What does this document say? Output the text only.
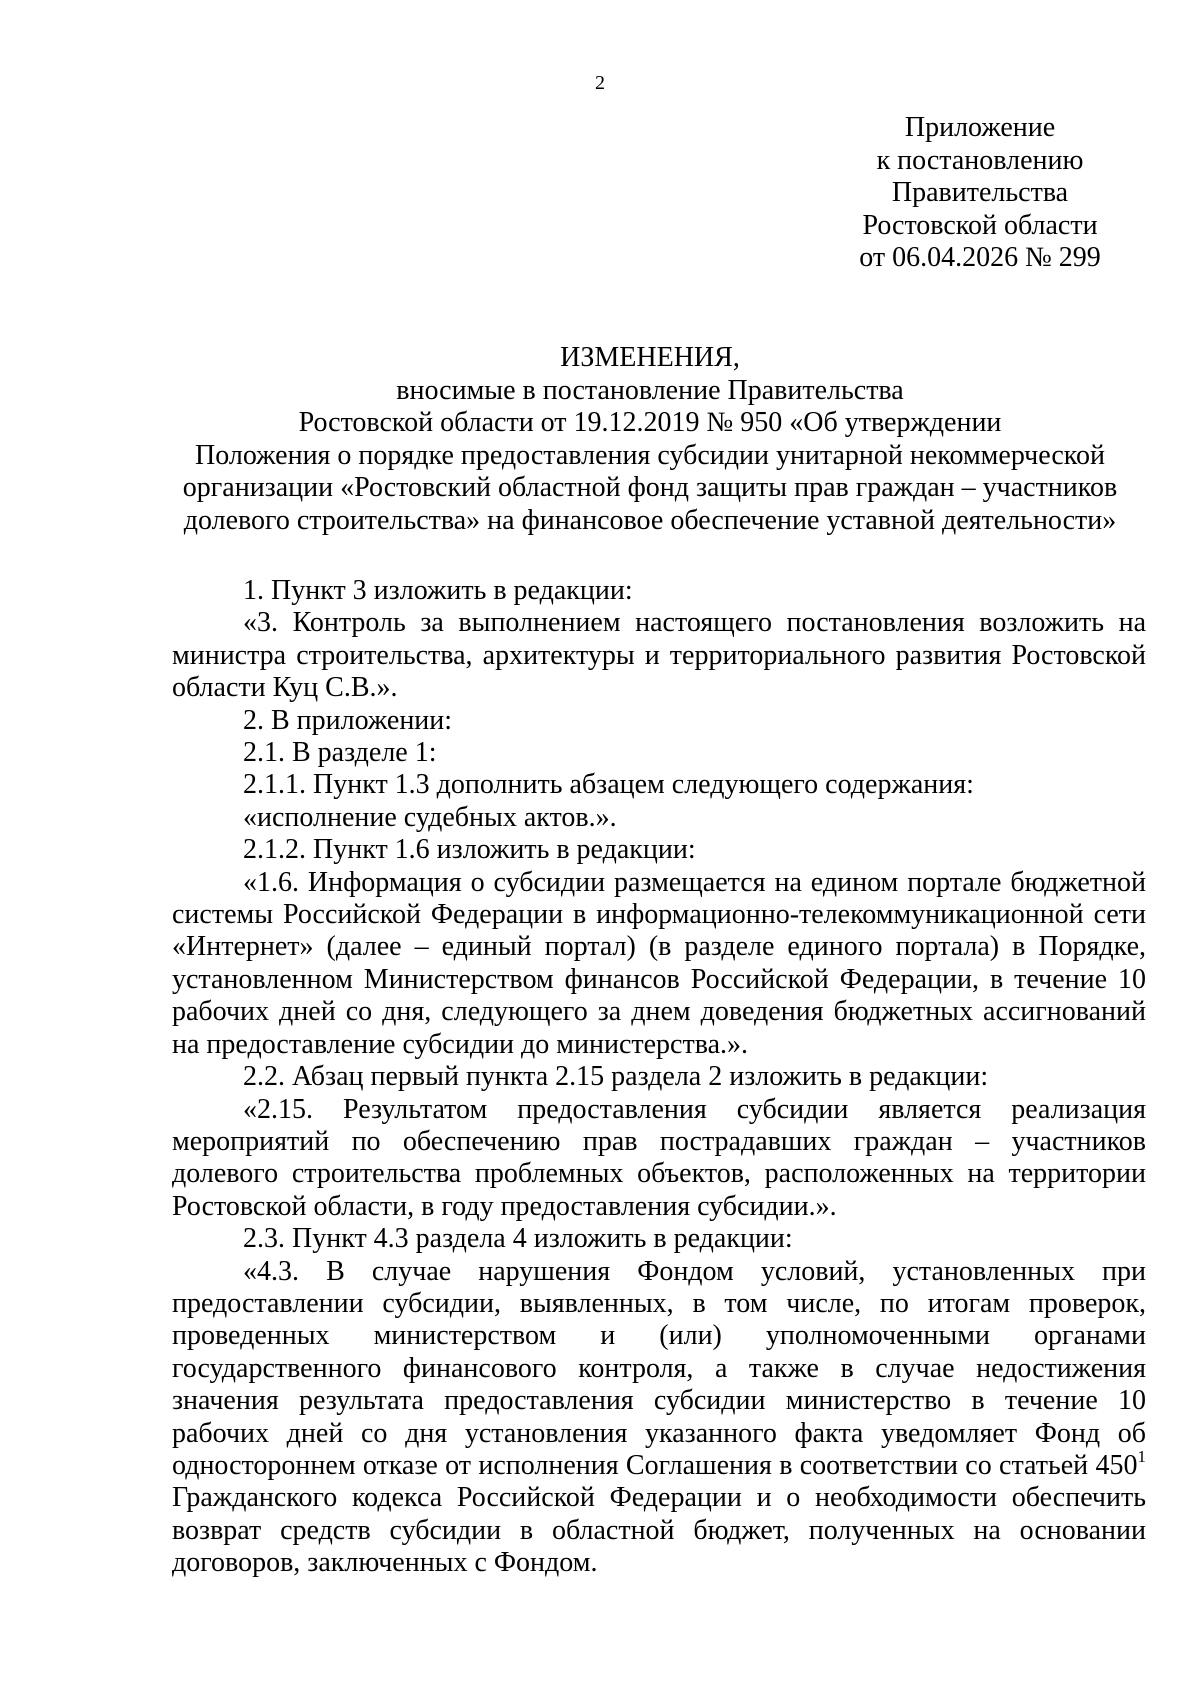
2
Приложение
к постановлению
Правительства
Ростовской области
от 06.04.2026 № 299
ИЗМЕНЕНИЯ,
вносимые в постановление Правительства
Ростовской области от 19.12.2019 № 950 «Об утверждении
Положения о порядке предоставления субсидии унитарной некоммерческой
организации «Ростовский областной фонд защиты прав граждан – участников
долевого строительства» на финансовое обеспечение уставной деятельности»

1. Пункт 3 изложить в редакции:

«3. Контроль за выполнением настоящего постановления возложить на министра строительства, архитектуры и территориального развития Ростовской области Куц С.В.».

2. В приложении:

2.1. В разделе 1:

2.1.1. Пункт 1.3 дополнить абзацем следующего содержания:

«исполнение судебных актов.».

2.1.2. Пункт 1.6 изложить в редакции:

«1.6. Информация о субсидии размещается на едином портале бюджетной системы Российской Федерации в информационно-телекоммуникационной сети «Интернет» (далее – единый портал) (в разделе единого портала) в Порядке, установленном Министерством финансов Российской Федерации, в течение 10 рабочих дней со дня, следующего за днем доведения бюджетных ассигнований на предоставление субсидии до министерства.».

2.2. Абзац первый пункта 2.15 раздела 2 изложить в редакции:

«2.15. Результатом предоставления субсидии является реализация мероприятий по обеспечению прав пострадавших граждан – участников долевого строительства проблемных объектов, расположенных на территории Ростовской области, в году предоставления субсидии.».

2.3. Пункт 4.3 раздела 4 изложить в редакции:

«4.3. В случае нарушения Фондом условий, установленных при предоставлении субсидии, выявленных, в том числе, по итогам проверок, проведенных министерством и (или) уполномоченными органами государственного финансового контроля, а также в случае недостижения значения результата предоставления субсидии министерство в течение 10 рабочих дней со дня установления указанного факта уведомляет Фонд об одностороннем отказе от исполнения Соглашения в соответствии со статьей $450^1$ Гражданского кодекса Российской Федерации и о необходимости обеспечить возврат средств субсидии в областной бюджет, полученных на основании договоров, заключенных с Фондом.
